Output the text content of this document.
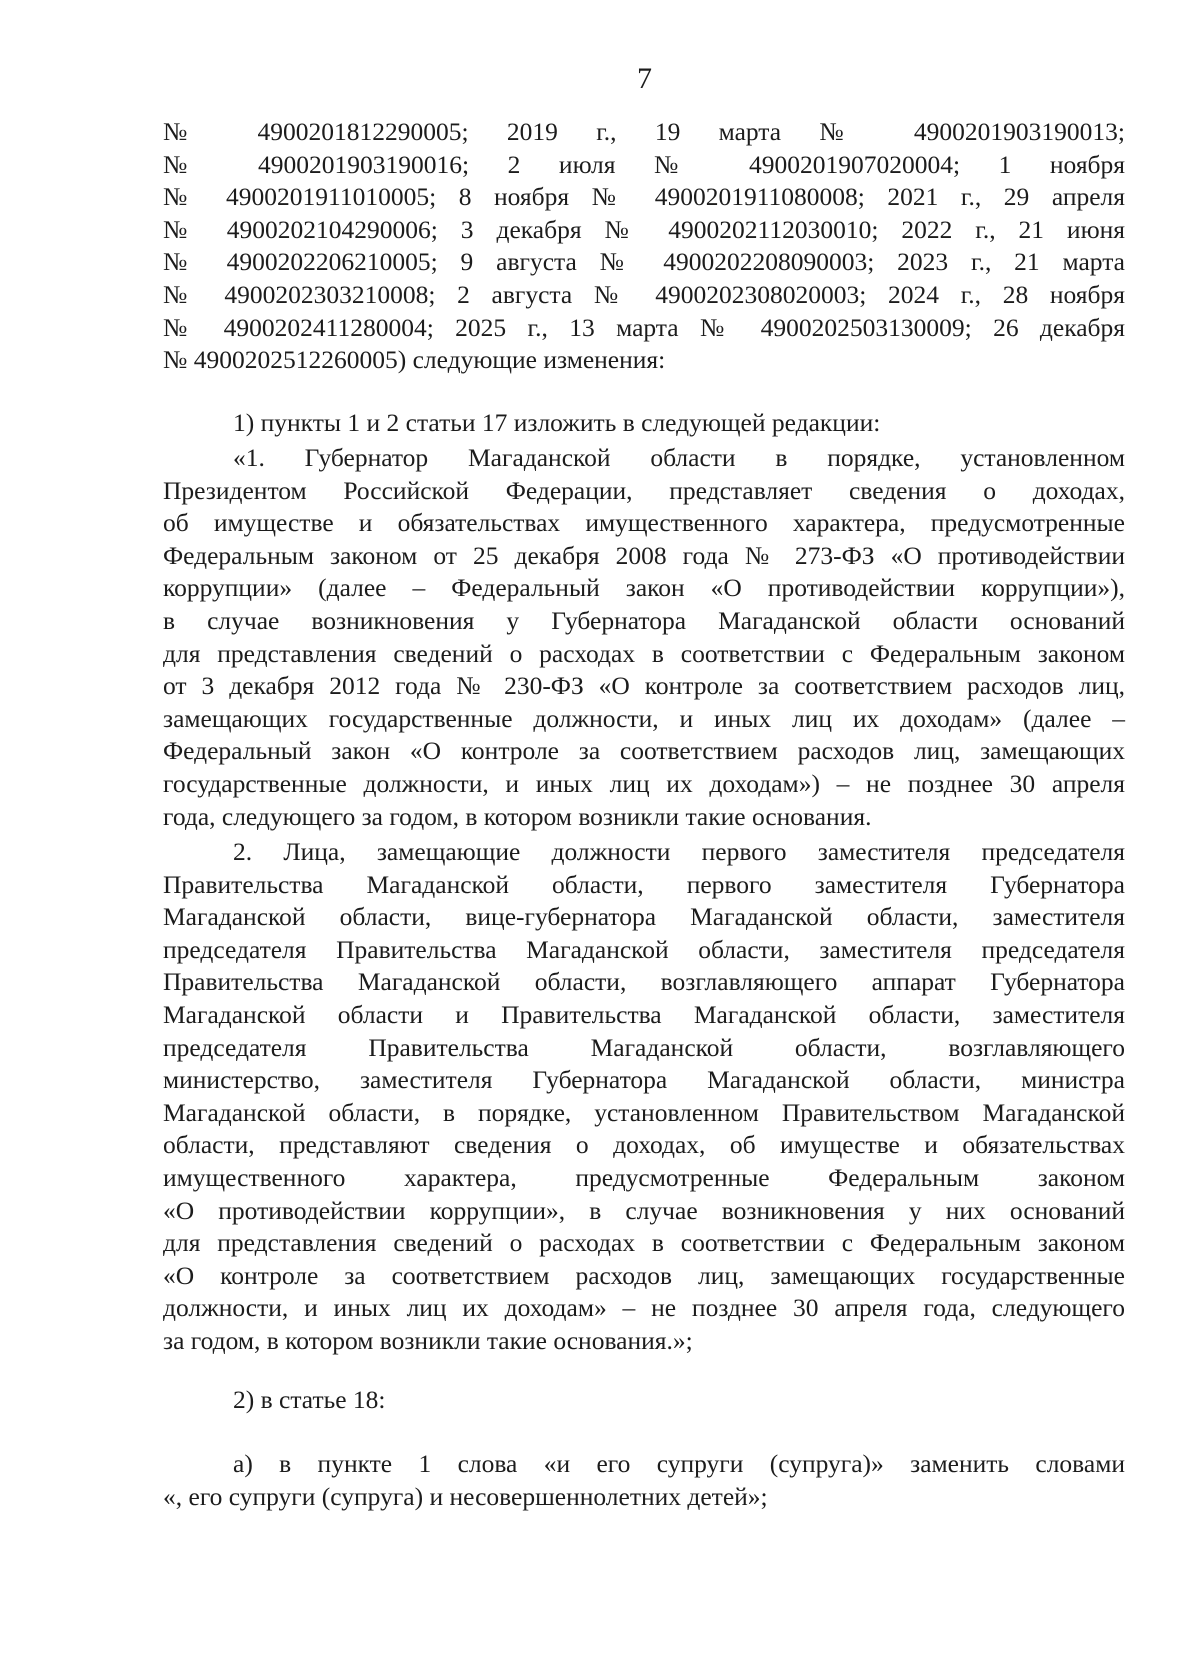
7
№ 4900201812290005; 2019 г., 19 марта № 4900201903190013;
№ 4900201903190016; 2 июля № 4900201907020004; 1 ноября
№ 4900201911010005; 8 ноября № 4900201911080008; 2021 г., 29 апреля
№ 4900202104290006; 3 декабря № 4900202112030010; 2022 г., 21 июня
№ 4900202206210005; 9 августа № 4900202208090003; 2023 г., 21 марта
№ 4900202303210008; 2 августа № 4900202308020003; 2024 г., 28 ноября
№ 4900202411280004; 2025 г., 13 марта № 4900202503130009; 26 декабря
№ 4900202512260005) следующие изменения:
1) пункты 1 и 2 статьи 17 изложить в следующей редакции:
«1. Губернатор Магаданской области в порядке, установленном
Президентом Российской Федерации, представляет сведения о доходах,
об имуществе и обязательствах имущественного характера, предусмотренные
Федеральным законом от 25 декабря 2008 года № 273-ФЗ «О противодействии
коррупции» (далее – Федеральный закон «О противодействии коррупции»),
в случае возникновения у Губернатора Магаданской области оснований
для представления сведений о расходах в соответствии с Федеральным законом
от 3 декабря 2012 года № 230-ФЗ «О контроле за соответствием расходов лиц,
замещающих государственные должности, и иных лиц их доходам» (далее –
Федеральный закон «О контроле за соответствием расходов лиц, замещающих
государственные должности, и иных лиц их доходам») – не позднее 30 апреля
года, следующего за годом, в котором возникли такие основания.
2. Лица, замещающие должности первого заместителя председателя
Правительства Магаданской области, первого заместителя Губернатора
Магаданской области, вице-губернатора Магаданской области, заместителя
председателя Правительства Магаданской области, заместителя председателя
Правительства Магаданской области, возглавляющего аппарат Губернатора
Магаданской области и Правительства Магаданской области, заместителя
председателя Правительства Магаданской области, возглавляющего
министерство, заместителя Губернатора Магаданской области, министра
Магаданской области, в порядке, установленном Правительством Магаданской
области, представляют сведения о доходах, об имуществе и обязательствах
имущественного характера, предусмотренные Федеральным законом
«О противодействии коррупции», в случае возникновения у них оснований
для представления сведений о расходах в соответствии с Федеральным законом
«О контроле за соответствием расходов лиц, замещающих государственные
должности, и иных лиц их доходам» – не позднее 30 апреля года, следующего
за годом, в котором возникли такие основания.»;
2) в статье 18:
а) в пункте 1 слова «и его супруги (супруга)» заменить словами
«, его супруги (супруга) и несовершеннолетних детей»;
